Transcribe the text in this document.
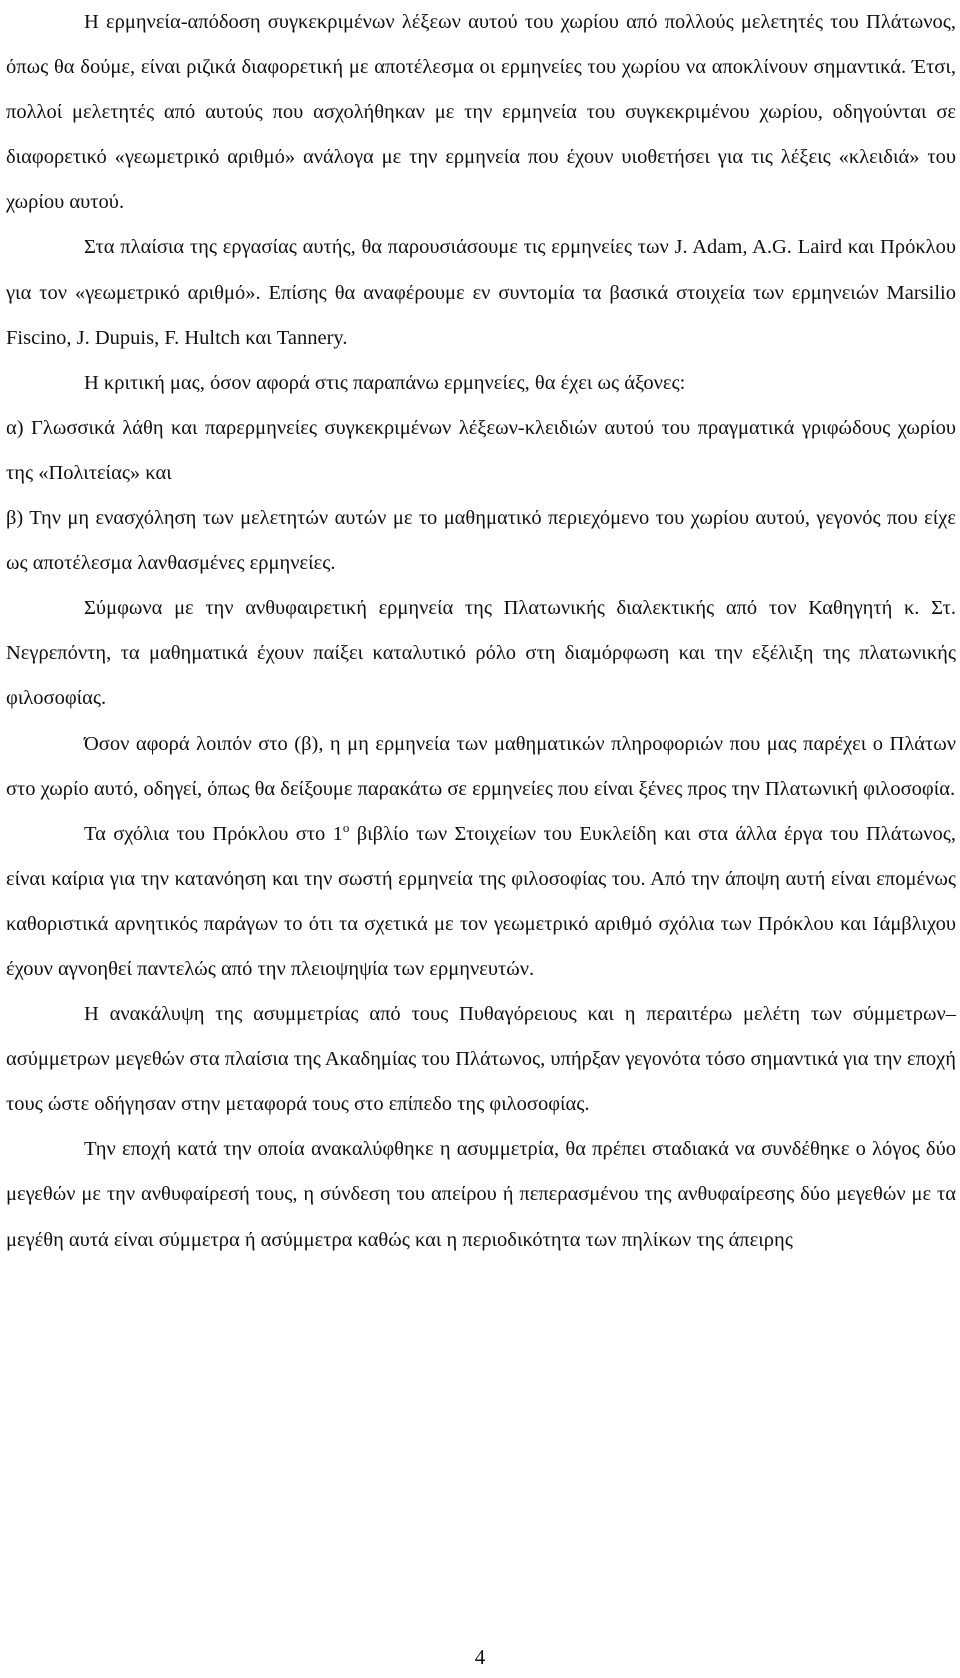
Η ερμηνεία-απόδοση συγκεκριμένων λέξεων αυτού του χωρίου από πολλούς μελετητές του Πλάτωνος, όπως θα δούμε, είναι ριζικά διαφορετική με αποτέλεσμα οι ερμηνείες του χωρίου να αποκλίνουν σημαντικά. Έτσι, πολλοί μελετητές από αυτούς που ασχολήθηκαν με την ερμηνεία του συγκεκριμένου χωρίου, οδηγούνται σε διαφορετικό «γεωμετρικό αριθμό» ανάλογα με την ερμηνεία που έχουν υιοθετήσει για τις λέξεις «κλειδιά» του χωρίου αυτού.

Στα πλαίσια της εργασίας αυτής, θα παρουσιάσουμε τις ερμηνείες των J. Adam, A.G. Laird και Πρόκλου για τον «γεωμετρικό αριθμό». Επίσης θα αναφέρουμε εν συντομία τα βασικά στοιχεία των ερμηνειών Marsilio Fiscino, J. Dupuis, F. Hultch και Tannery.

Η κριτική μας, όσον αφορά στις παραπάνω ερμηνείες, θα έχει ως άξονες:

α) Γλωσσικά λάθη και παρερμηνείες συγκεκριμένων λέξεων-κλειδιών αυτού του πραγματικά γριφώδους χωρίου της «Πολιτείας» και

β) Την μη ενασχόληση των μελετητών αυτών με το μαθηματικό περιεχόμενο του χωρίου αυτού, γεγονός που είχε ως αποτέλεσμα λανθασμένες ερμηνείες.

Σύμφωνα με την ανθυφαιρετική ερμηνεία της Πλατωνικής διαλεκτικής από τον Καθηγητή κ. Στ. Νεγρεπόντη, τα μαθηματικά έχουν παίξει καταλυτικό ρόλο στη διαμόρφωση και την εξέλιξη της πλατωνικής φιλοσοφίας.

Όσον αφορά λοιπόν στο (β), η μη ερμηνεία των μαθηματικών πληροφοριών που μας παρέχει ο Πλάτων στο χωρίο αυτό, οδηγεί, όπως θα δείξουμε παρακάτω σε ερμηνείες που είναι ξένες προς την Πλατωνική φιλοσοφία.

Τα σχόλια του Πρόκλου στο $1^o$ βιβλίο των Στοιχείων του Ευκλείδη και στα άλλα έργα του Πλάτωνος, είναι καίρια για την κατανόηση και την σωστή ερμηνεία της φιλοσοφίας του. Από την άποψη αυτή είναι επομένως καθοριστικά αρνητικός παράγων το ότι τα σχετικά με τον γεωμετρικό αριθμό σχόλια των Πρόκλου και Ιάμβλιχου έχουν αγνοηθεί παντελώς από την πλειοψηψία των ερμηνευτών.

Η ανακάλυψη της ασυμμετρίας από τους Πυθαγόρειους και η περαιτέρω μελέτη των σύμμετρων–ασύμμετρων μεγεθών στα πλαίσια της Ακαδημίας του Πλάτωνος, υπήρξαν γεγονότα τόσο σημαντικά για την εποχή τους ώστε οδήγησαν στην μεταφορά τους στο επίπεδο της φιλοσοφίας.

Την εποχή κατά την οποία ανακαλύφθηκε η ασυμμετρία, θα πρέπει σταδιακά να συνδέθηκε ο λόγος δύο μεγεθών με την ανθυφαίρεσή τους, η σύνδεση του απείρου ή πεπερασμένου της ανθυφαίρεσης δύο μεγεθών με τα μεγέθη αυτά είναι σύμμετρα ή ασύμμετρα καθώς και η περιοδικότητα των πηλίκων της άπειρης

4
